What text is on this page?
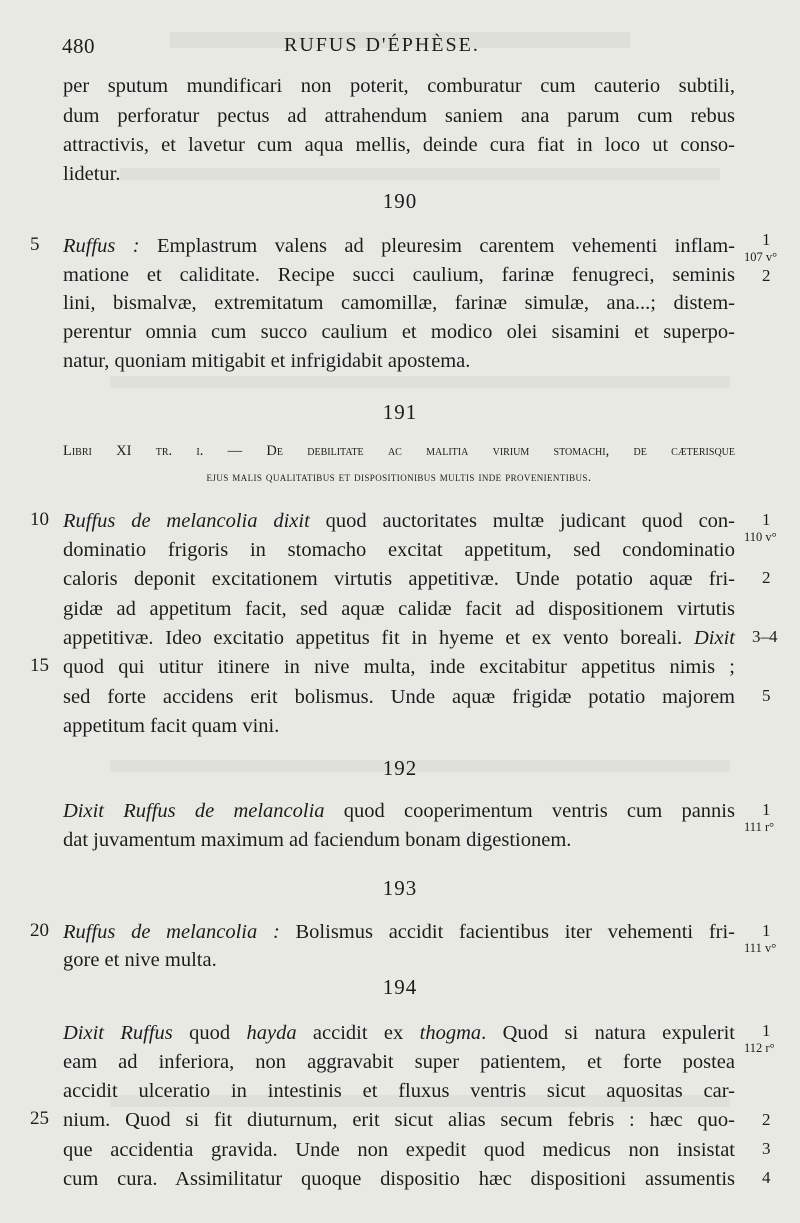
480	RUFUS D'ÉPHÈSE.
per sputum mundificari non poterit, comburatur cum cauterio subtili,
dum perforatur pectus ad attrahendum saniem ana parum cum rebus
attractivis, et lavetur cum aqua mellis, deinde cura fiat in loco ut conso-
lidetur.
190
5 Ruffus : Emplastrum valens ad pleuresim carentem vehementi inflam-
matione et caliditate. Recipe succi caulium, farinæ fenugreci, seminis
lini, bismalvæ, extremitatum camomillæ, farinæ simulæ, ana...; distem-
perentur omnia cum succo caulium et modico olei sisamini et superpo-
natur, quoniam mitigabit et infrigidabit apostema.
1
107 v°
2
191
Libri XI tr. i. — De debilitate ac malitia virium stomachi, de cæterisque
ejus malis qualitatibus et dispositionibus multis inde provenientibus.
10 Ruffus de melancolia dixit quod auctoritates multæ judicant quod con-
dominatio frigoris in stomacho excitat appetitum, sed condominatio
caloris deponit excitationem virtutis appetitivæ. Unde potatio aquæ fri-
gidæ ad appetitum facit, sed aquæ calidæ facit ad dispositionem virtutis
appetitivæ. Ideo excitatio appetitus fit in hyeme et ex vento boreali. Dixit
15 quod qui utitur itinere in nive multa, inde excitabitur appetitus nimis ;
sed forte accidens erit bolismus. Unde aquæ frigidæ potatio majorem
appetitum facit quam vini.
1
110 v°
2
3–4
5
192
Dixit Ruffus de melancolia quod cooperimentum ventris cum pannis
dat juvamentum maximum ad faciendum bonam digestionem.
1
111 r°
193
20 Ruffus de melancolia : Bolismus accidit facientibus iter vehementi fri-
gore et nive multa.
1
111 v°
194
Dixit Ruffus quod hayda accidit ex thogma. Quod si natura expulerit
eam ad inferiora, non aggravabit super patientem, et forte postea
accidit ulceratio in intestinis et fluxus ventris sicut aquositas car-
25 nium. Quod si fit diuturnum, erit sicut alias secum febris : hæc quo-
que accidentia gravida. Unde non expedit quod medicus non insistat
cum cura. Assimilitatur quoque dispositio hæc dispositioni assumentis
1
112 r°
2
3
4
